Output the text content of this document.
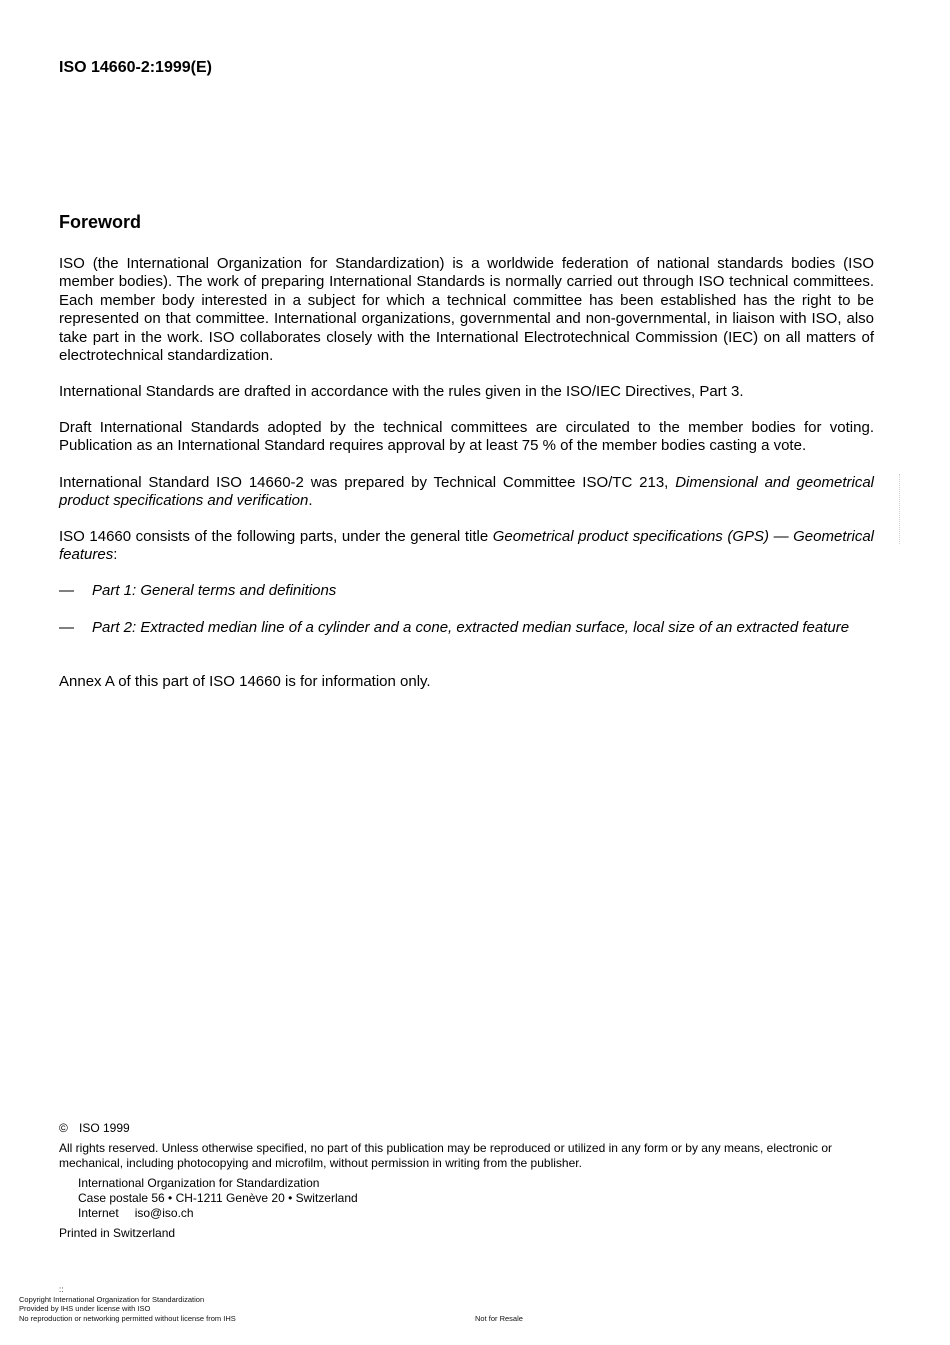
ISO 14660-2:1999(E)
Foreword
ISO (the International Organization for Standardization) is a worldwide federation of national standards bodies (ISO member bodies). The work of preparing International Standards is normally carried out through ISO technical committees. Each member body interested in a subject for which a technical committee has been established has the right to be represented on that committee. International organizations, governmental and non-governmental, in liaison with ISO, also take part in the work. ISO collaborates closely with the International Electrotechnical Commission (IEC) on all matters of electrotechnical standardization.
International Standards are drafted in accordance with the rules given in the ISO/IEC Directives, Part 3.
Draft International Standards adopted by the technical committees are circulated to the member bodies for voting. Publication as an International Standard requires approval by at least 75 % of the member bodies casting a vote.
International Standard ISO 14660-2 was prepared by Technical Committee ISO/TC 213, Dimensional and geometrical product specifications and verification.
ISO 14660 consists of the following parts, under the general title Geometrical product specifications (GPS) — Geometrical features:
—	Part 1: General terms and definitions
—	Part 2: Extracted median line of a cylinder and a cone, extracted median surface, local size of an extracted feature
Annex A of this part of ISO 14660 is for information only.
© ISO 1999
All rights reserved. Unless otherwise specified, no part of this publication may be reproduced or utilized in any form or by any means, electronic or mechanical, including photocopying and microfilm, without permission in writing from the publisher.
International Organization for Standardization
Case postale 56 • CH-1211 Genève 20 • Switzerland
Internet iso@iso.ch
Printed in Switzerland
::
Copyright International Organization for Standardization
Provided by IHS under license with ISO
No reproduction or networking permitted without license from IHS	Not for Resale
